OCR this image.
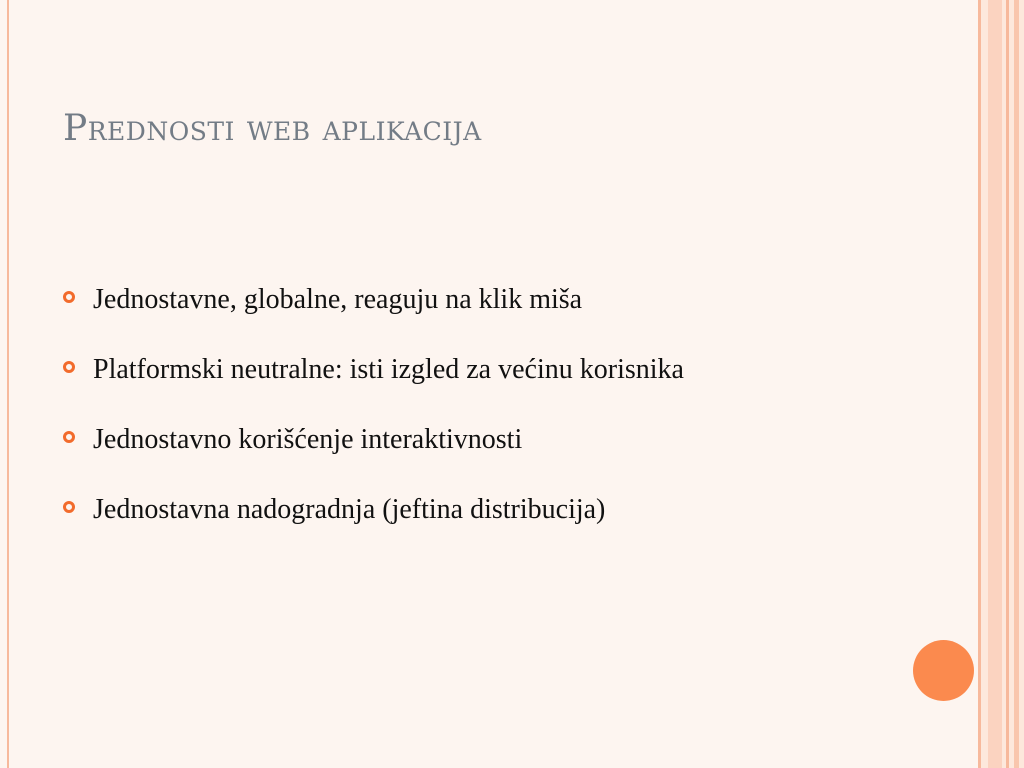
Prednosti web aplikacija
Jednostavne, globalne, reaguju na klik miša
Platformski neutralne: isti izgled za većinu korisnika
Jednostavno korišćenje interaktivnosti
Jednostavna nadogradnja (jeftina distribucija)
